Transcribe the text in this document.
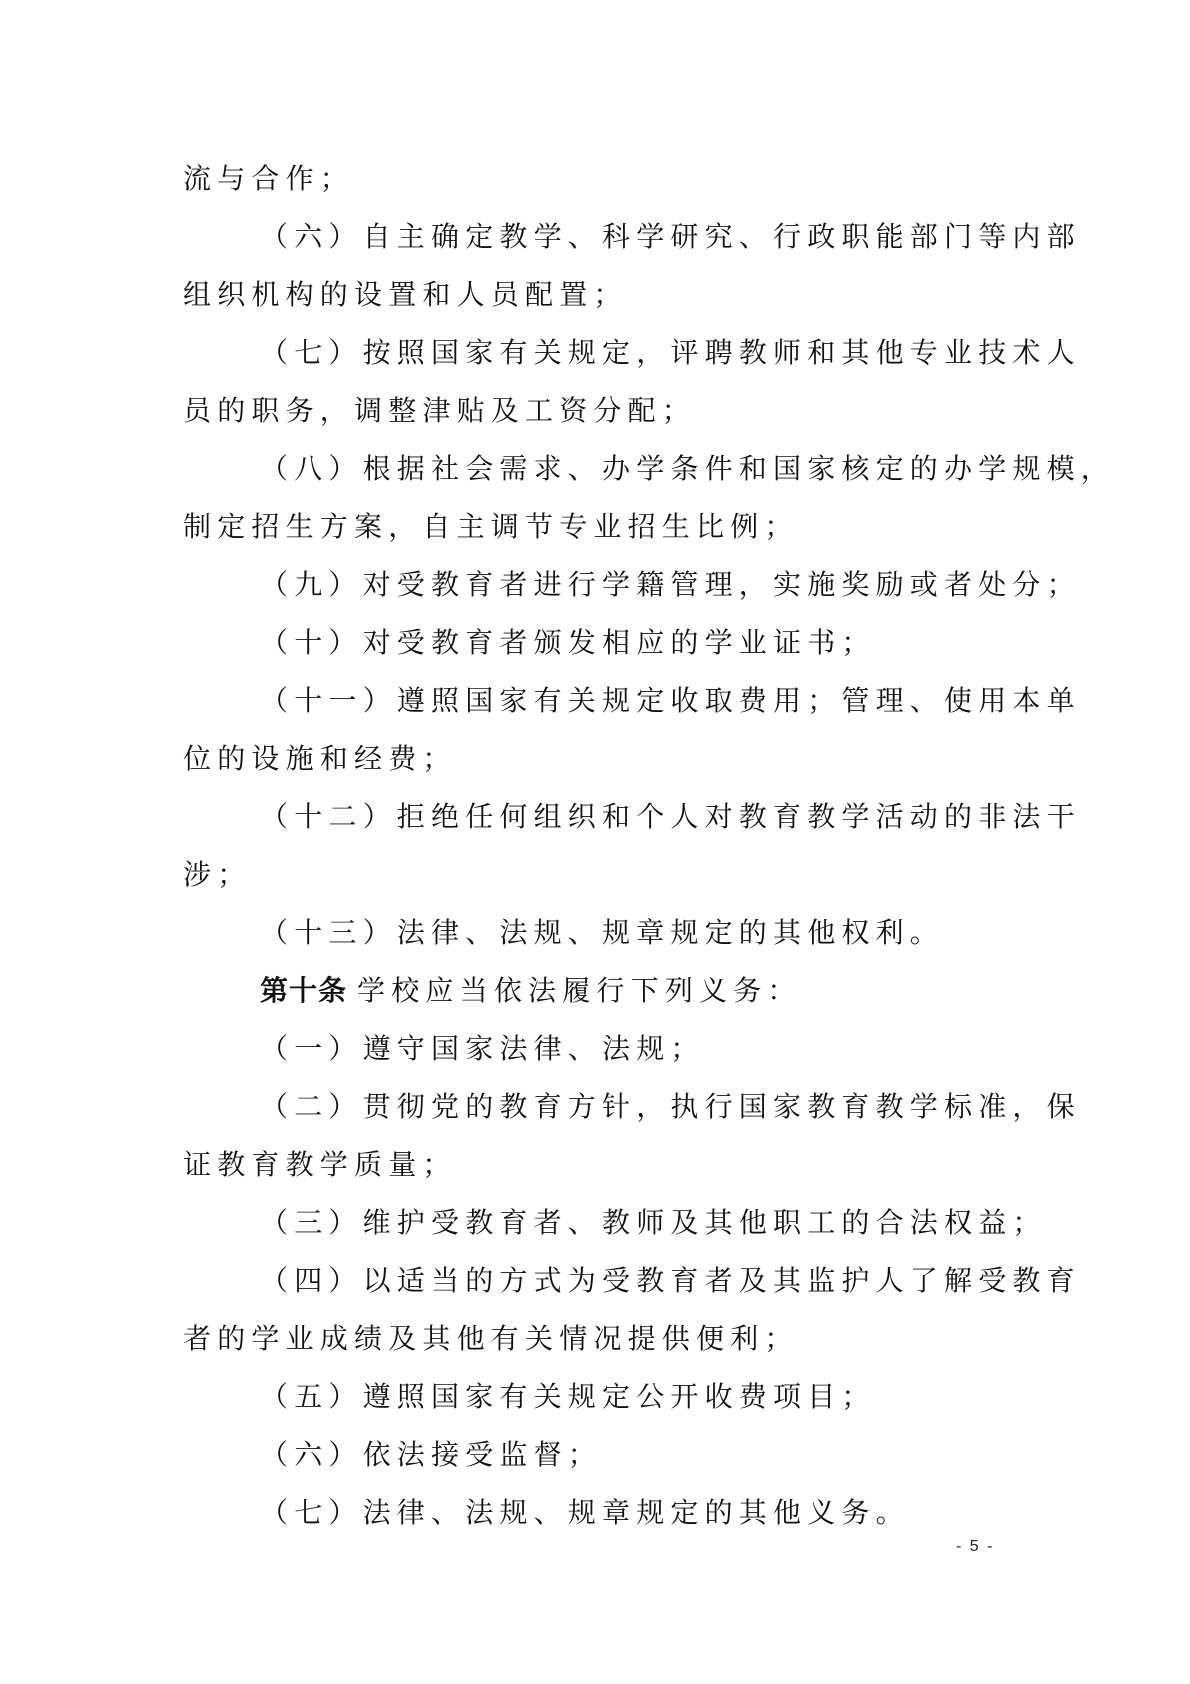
流与合作；
（六）自主确定教学、科学研究、行政职能部门等内部
组织机构的设置和人员配置；
（七）按照国家有关规定，评聘教师和其他专业技术人
员的职务，调整津贴及工资分配；
（八）根据社会需求、办学条件和国家核定的办学规模，
制定招生方案，自主调节专业招生比例；
（九）对受教育者进行学籍管理，实施奖励或者处分；
（十）对受教育者颁发相应的学业证书；
（十一）遵照国家有关规定收取费用；管理、使用本单
位的设施和经费；
（十二）拒绝任何组织和个人对教育教学活动的非法干
涉；
（十三）法律、法规、规章规定的其他权利。
第十条 学校应当依法履行下列义务：
（一）遵守国家法律、法规；
（二）贯彻党的教育方针，执行国家教育教学标准，保
证教育教学质量；
（三）维护受教育者、教师及其他职工的合法权益；
（四）以适当的方式为受教育者及其监护人了解受教育
者的学业成绩及其他有关情况提供便利；
（五）遵照国家有关规定公开收费项目；
（六）依法接受监督；
（七）法律、法规、规章规定的其他义务。
- 5 -
